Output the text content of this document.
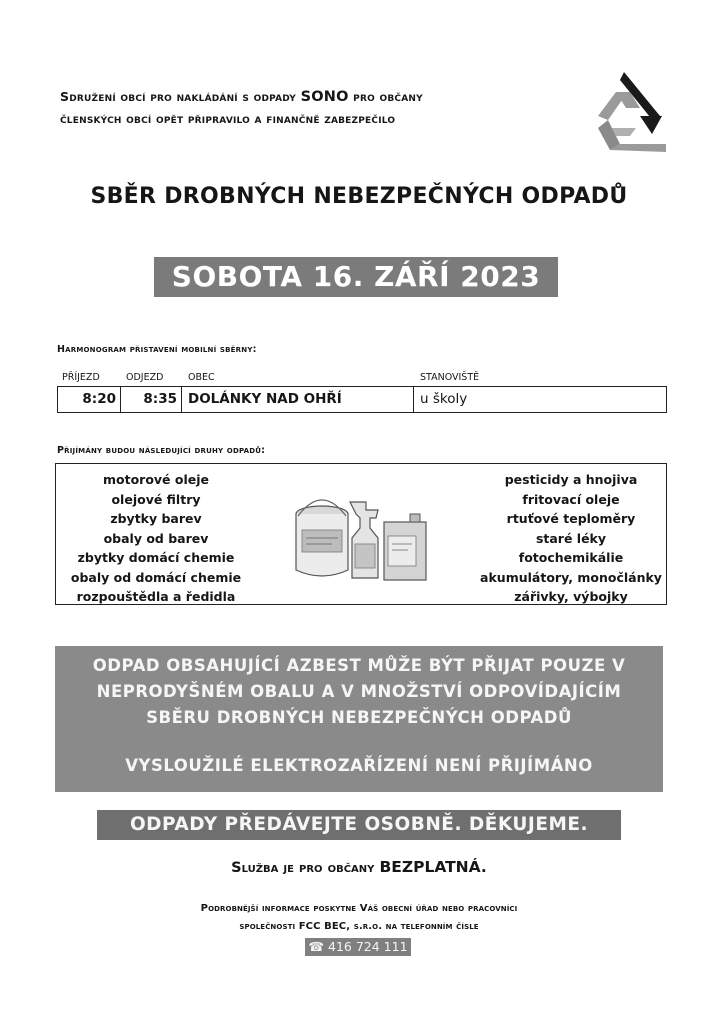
Sdružení obcí pro nakládání s odpady SONO pro občany
členských obcí opět připravilo a finančně zabezpečilo
SBĚR DROBNÝCH NEBEZPEČNÝCH ODPADŮ
SOBOTA 16. ZÁŘÍ 2023
Harmonogram přistavení mobilní sběrny:
PŘÍJEZD	ODJEZD	OBEC	STANOVIŠTĚ
8:20	8:35 DOLÁNKY NAD OHŘÍ	u školy
Přijímány budou následující druhy odpadů:
motorové oleje
olejové filtry
zbytky barev
obaly od barev
zbytky domácí chemie
obaly od domácí chemie
rozpouštědla a ředidla
pesticidy a hnojiva
fritovací oleje
rtuťové teploměry
staré léky
fotochemikálie
akumulátory, monočlánky
zářivky, výbojky
ODPAD OBSAHUJÍCÍ AZBEST MŮŽE BÝT PŘIJAT POUZE V
NEPRODYŠNÉM OBALU A V MNOŽSTVÍ ODPOVÍDAJÍCÍM
SBĚRU DROBNÝCH NEBEZPEČNÝCH ODPADŮ
VYSLOUŽILÉ ELEKTROZAŘÍZENÍ NENÍ PŘIJÍMÁNO
ODPADY PŘEDÁVEJTE OSOBNĚ. DĚKUJEME.
Služba je pro občany BEZPLATNÁ.
Podrobnější informace poskytne Váš obecní úřad nebo pracovníci
společnosti FCC BEC, s.r.o. na telefonním čísle
☎ 416 724 111
